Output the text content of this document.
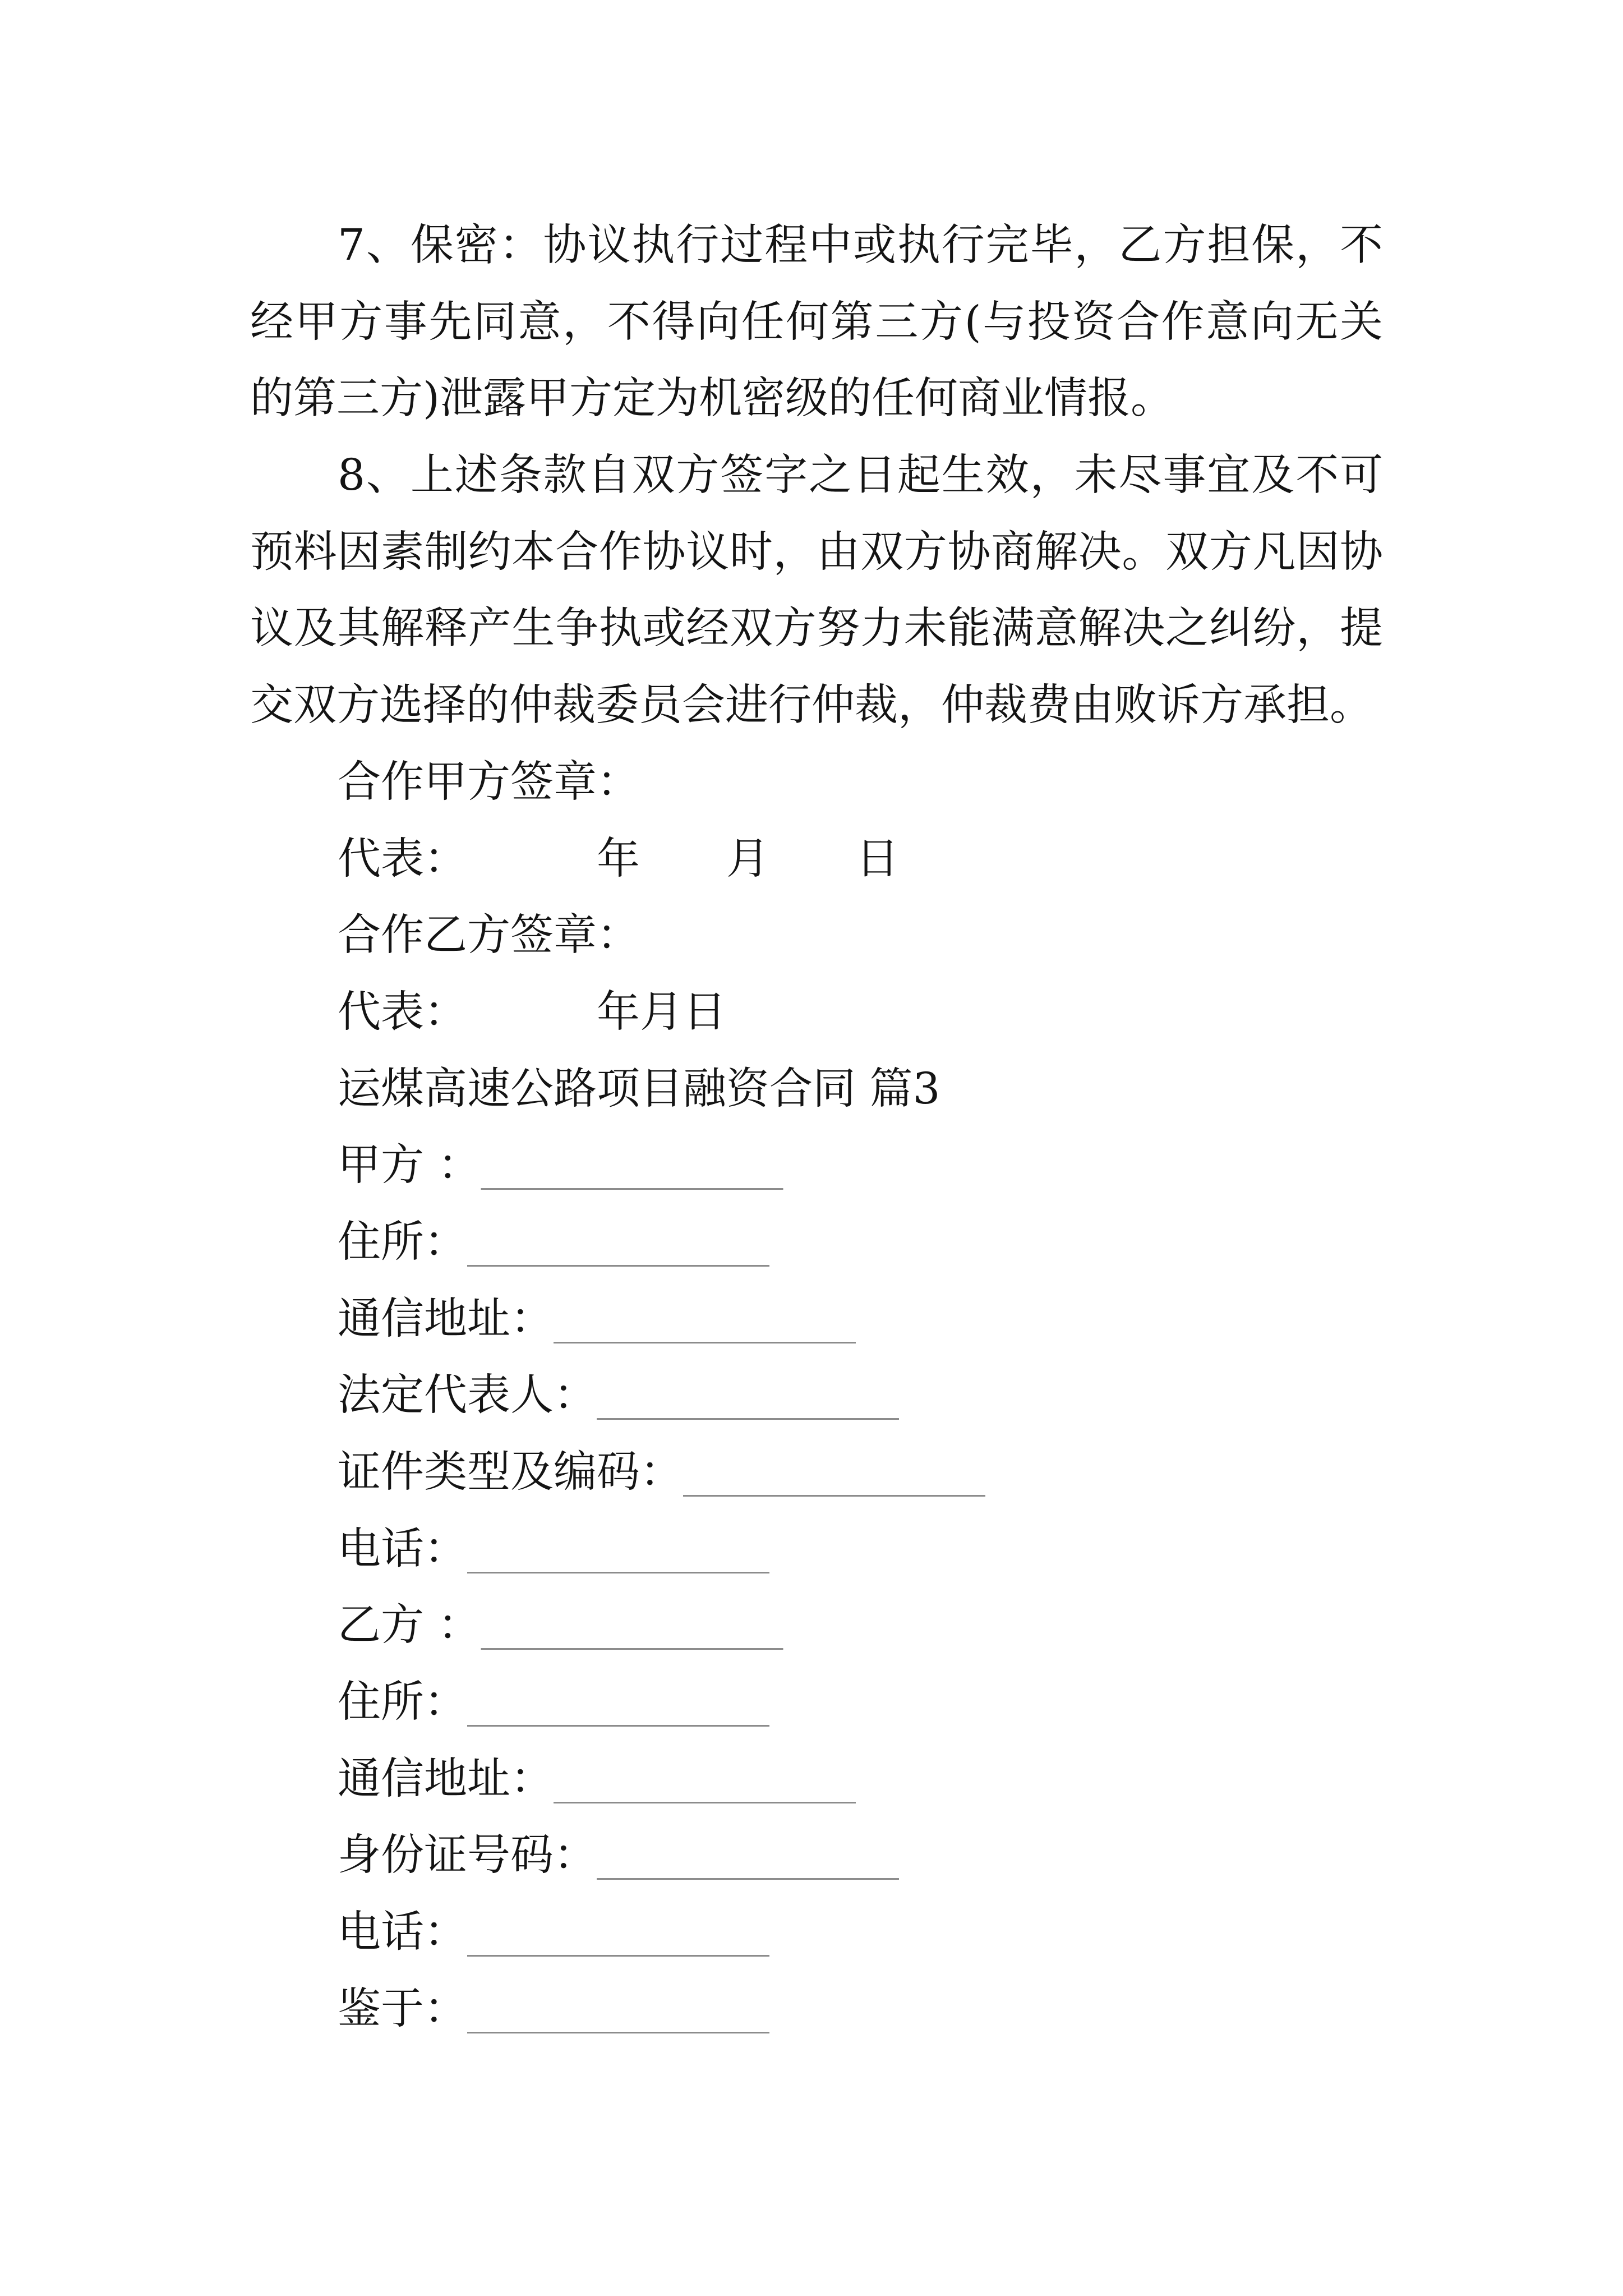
7、保密：协议执行过程中或执行完毕，乙方担保，不
经甲方事先同意，不得向任何第三方(与投资合作意向无关
的第三方)泄露甲方定为机密级的任何商业情报。
8、上述条款自双方签字之日起生效，未尽事宜及不可
预料因素制约本合作协议时，由双方协商解决。双方凡因协
议及其解释产生争执或经双方努力未能满意解决之纠纷，提
交双方选择的仲裁委员会进行仲裁，仲裁费由败诉方承担。
合作甲方签章：
代表：	年　　月　　日
合作乙方签章：
代表：	年月日
运煤高速公路项目融资合同 篇3
甲方 ：______________
住所：______________
通信地址：______________
法定代表人：______________
证件类型及编码：______________
电话：______________
乙方 ：______________
住所：______________
通信地址：______________
身份证号码：______________
电话：______________
鉴于：______________
